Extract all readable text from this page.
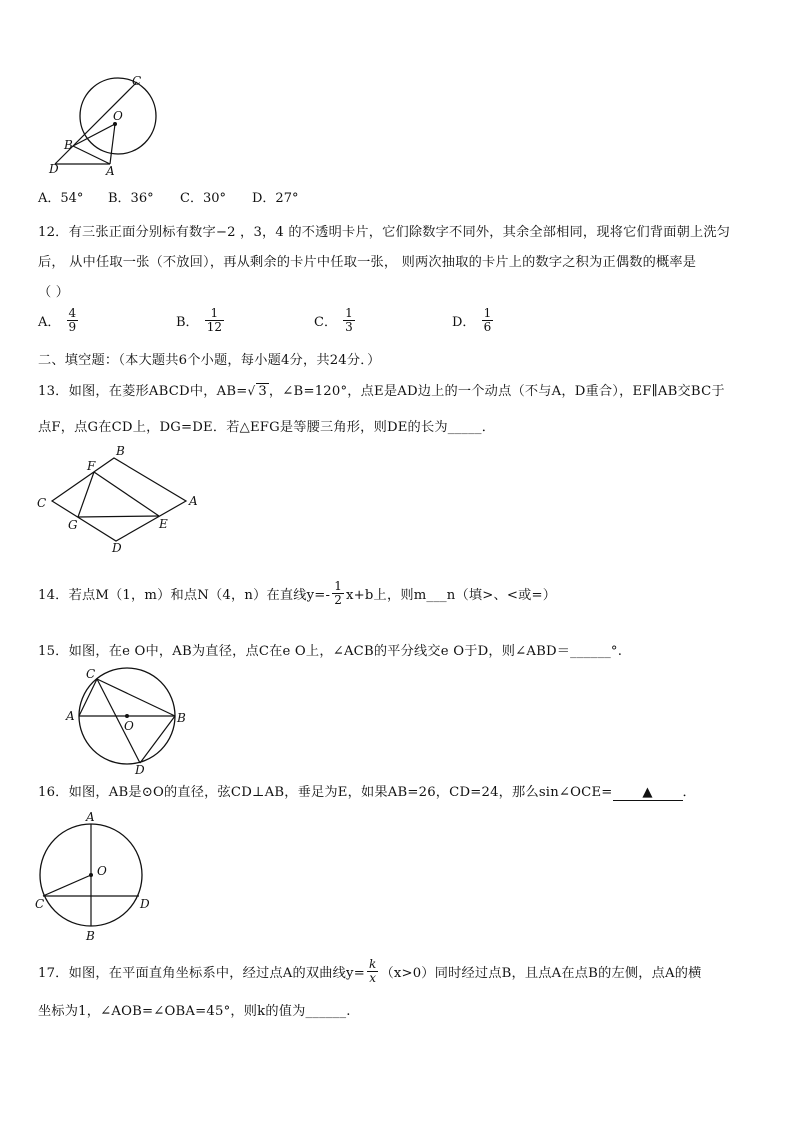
C
O
B
D	A
A．54° B．36° C．30° D．27°
12．有三张正面分别标有数字−2 ，3，4 的不透明卡片，它们除数字不同外，其余全部相同，现将它们背面朝上洗匀
后， 从中任取一张（不放回），再从剩余的卡片中任取一张， 则两次抽取的卡片上的数字之积为正偶数的概率是
（ ）
A． $\frac{4}{9}$	B． $\frac{1}{12}$	C． $\frac{1}{3}$	D． $\frac{1}{6}$
二、填空题：（本大题共6个小题，每小题4分，共24分．）
13．如图，在菱形ABCD中，AB=√ 3 ，∠B=120°，点E是AD边上的一个动点（不与A，D重合），EF∥AB交BC于
点F，点G在CD上，DG=DE．若△EFG是等腰三角形，则DE的长为_____．
B
F
C	A
G	E
D
14．若点M（1，m）和点N（4，n）在直线$y=- \frac{1}{2} x+b$上，则m___n（填>、<或=）
15．如图，在e O中，AB为直径，点C在e O上，∠ACB的平分线交e O于D，则∠ABD＝______°.
C
A
O
B
D
16．如图，AB是⊙O的直径，弦CD⊥AB，垂足为E，如果AB=26，CD=24，那么sin∠OCE= ▲ ．
A
O
C	D
B
17．如图，在平面直角坐标系中，经过点A的双曲线$y= \frac{k}{x} (x>0)$同时经过点B，且点A在点B的左侧，点A的横
坐标为1，∠AOB=∠OBA=45°，则k的值为______.
